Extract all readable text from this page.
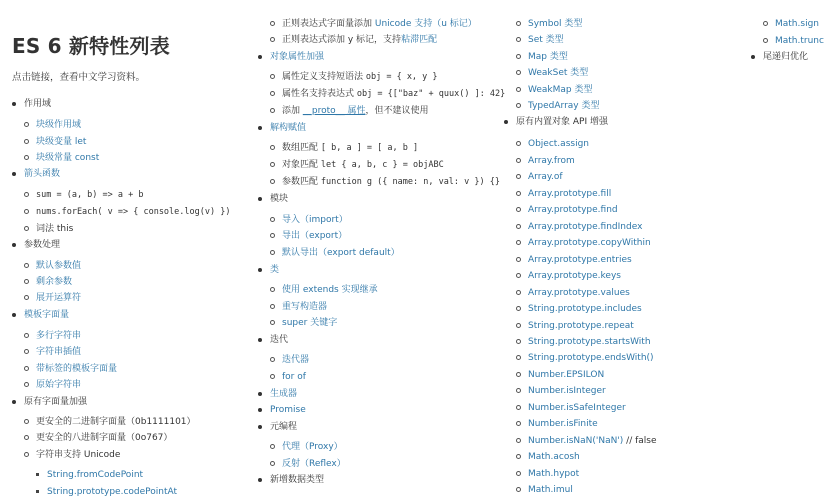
ES 6 新特性列表

点击链接，查看中文学习资料。

作用域
块级作用域
块级变量 let
块级常量 const
箭头函数
sum = (a, b) => a + b
nums.forEach( v => { console.log(v) })
词法 this
参数处理
默认参数值
剩余参数
展开运算符
模板字面量
多行字符串
字符串插值
带标签的模板字面量
原始字符串
原有字面量加强
更安全的二进制字面量（0b1111101）
更安全的八进制字面量（0o767）
字符串支持 Unicode
String.fromCodePoint
String.prototype.codePointAt
正则表达式字面量添加 Unicode 支持（u 标记）
正则表达式添加 y 标记，支持粘滞匹配
对象属性加强
属性定义支持短语法 obj = { x, y }
属性名支持表达式 obj = {["baz" + quux() ]: 42}
添加 __proto__ 属性，但不建议使用
解构赋值
数组匹配 [ b, a ] = [ a, b ]
对象匹配 let { a, b, c } = objABC
参数匹配 function g ({ name: n, val: v }) {}
模块
导入（import）
导出（export）
默认导出（export default）
类
使用 extends 实现继承
重写构造器
super 关键字
迭代
迭代器
for of
生成器
Promise
元编程
代理（Proxy）
反射（Reflex）
新增数据类型
Symbol 类型
Set 类型
Map 类型
WeakSet 类型
WeakMap 类型
TypedArray 类型
原有内置对象 API 增强
Object.assign
Array.from
Array.of
Array.prototype.fill
Array.prototype.find
Array.prototype.findIndex
Array.prototype.copyWithin
Array.prototype.entries
Array.prototype.keys
Array.prototype.values
String.prototype.includes
String.prototype.repeat
String.prototype.startsWith
String.prototype.endsWith()
Number.EPSILON
Number.isInteger
Number.isSafeInteger
Number.isFinite
Number.isNaN('NaN') // false
Math.acosh
Math.hypot
Math.imul
Math.sign
Math.trunc
尾递归优化
